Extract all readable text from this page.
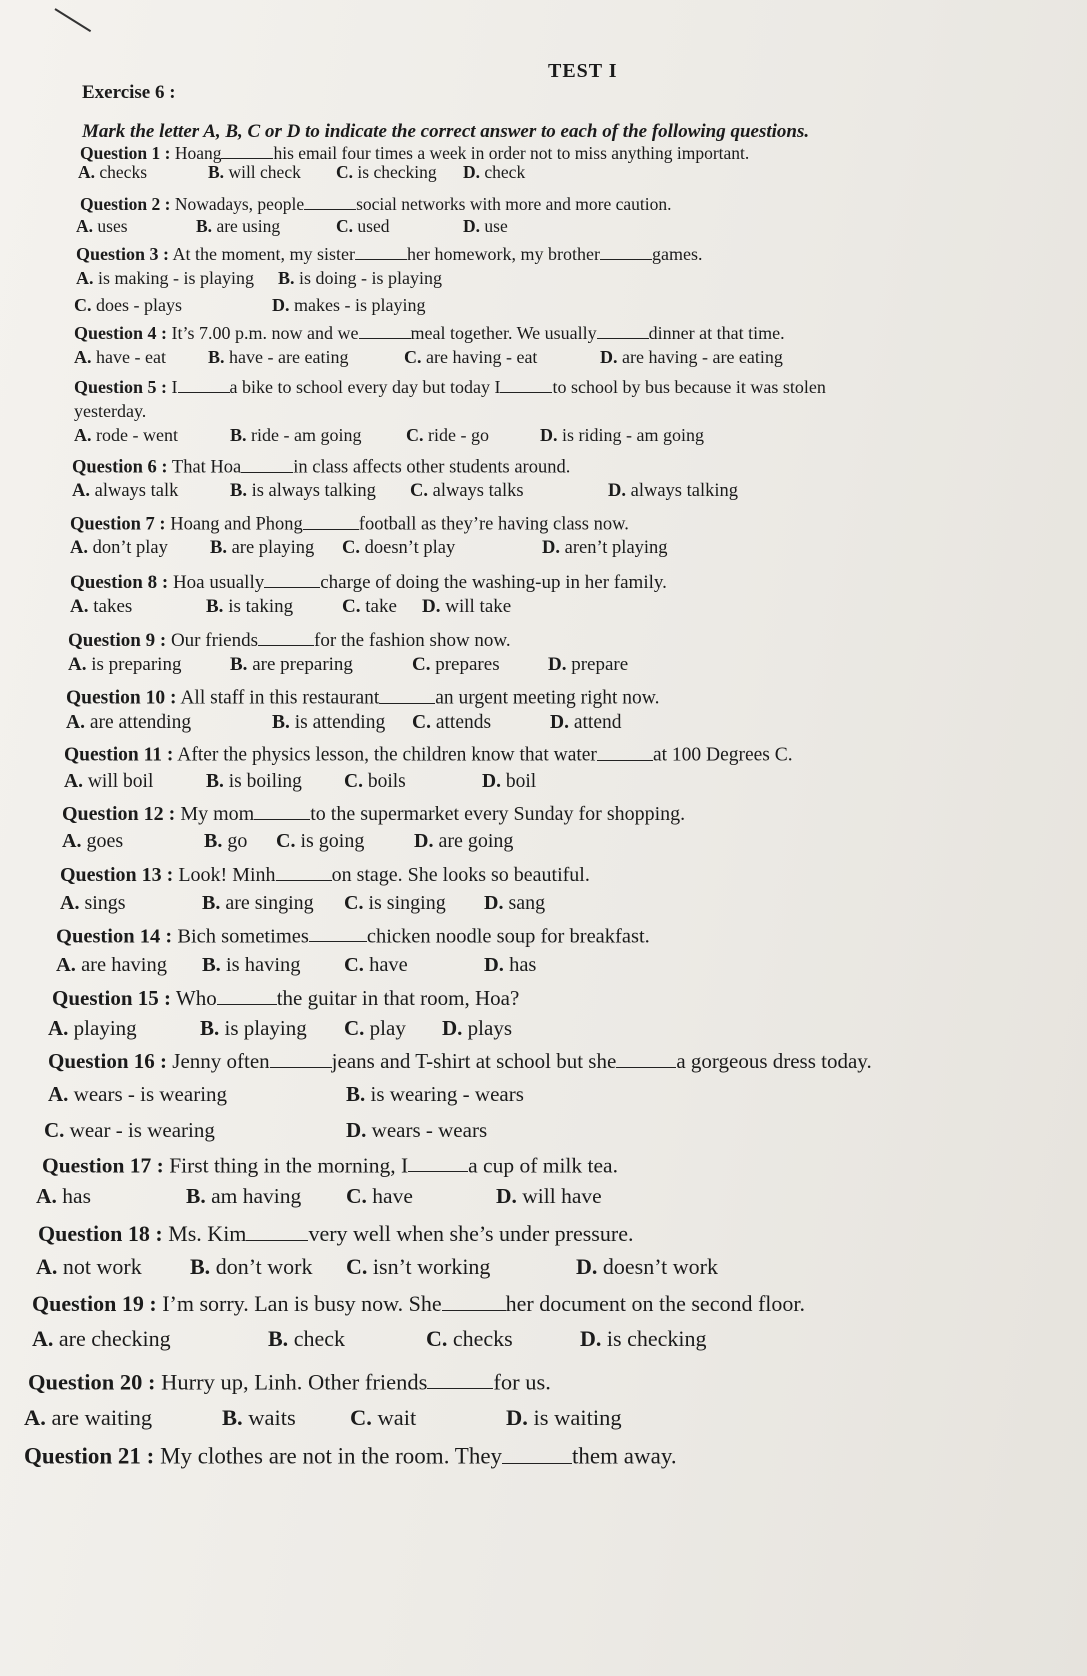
TEST I
Exercise 6 :
Mark the letter A, B, C or D to indicate the correct answer to each of the following questions.
Question 1 : Hoang	his email four times a week in order not to miss anything important.
A. checks	B. will check C. is checking D. check
Question 2 : Nowadays, people	social networks with more and more caution.
A. uses	B. are using	C. used	D. use
Question 3 : At the moment, my sister	her homework, my brother	games.
A. is making - is playing B. is doing - is playing
C. does - plays	D. makes - is playing
Question 4 : It’s 7.00 p.m. now and we	meal together. We usually	dinner at that time.
A. have - eat B. have - are eating	C. are having - eat	D. are having - are eating
Question 5 : I	a bike to school every day but today I	to school by bus because it was stolen
yesterday.
A. rode - went	B. ride - am going C. ride - go	D. is riding - am going
Question 6 : That Hoa	in class affects other students around.
A. always talk	B. is always talking C. always talks	D. always talking
Question 7 : Hoang and Phong	football as they’re having class now.
A. don’t play B. are playing C. doesn’t play	D. aren’t playing
Question 8 : Hoa usually	charge of doing the washing-up in her family.
A. takes	B. is taking	C. take D. will take
Question 9 : Our friends	for the fashion show now.
A. is preparing	B. are preparing	C. prepares	D. prepare
Question 10 : All staff in this restaurant	an urgent meeting right now.
A. are attending	B. is attending C. attends	D. attend
Question 11 : After the physics lesson, the children know that water	at 100 Degrees C.
A. will boil	B. is boiling C. boils	D. boil
Question 12 : My mom	to the supermarket every Sunday for shopping.
A. goes	B. go C. is going D. are going
Question 13 : Look! Minh	on stage. She looks so beautiful.
A. sings	B. are singing C. is singing D. sang
Question 14 : Bich sometimes	chicken noodle soup for breakfast.
A. are having B. is having C. have	D. has
Question 15 : Who	the guitar in that room, Hoa?
A. playing	B. is playing C. play D. plays
Question 16 : Jenny often	jeans and T-shirt at school but she	a gorgeous dress today.
A. wears - is wearing	B. is wearing - wears
C. wear - is wearing	D. wears - wears
Question 17 : First thing in the morning, I	a cup of milk tea.
A. has	B. am having C. have	D. will have
Question 18 : Ms. Kim	very well when she’s under pressure.
A. not work B. don’t work C. isn’t working	D. doesn’t work
Question 19 : I’m sorry. Lan is busy now. She	her document on the second floor.
A. are checking	B. check	C. checks	D. is checking
Question 20 : Hurry up, Linh. Other friends	for us.
A. are waiting	B. waits C. wait	D. is waiting
Question 21 : My clothes are not in the room. They	them away.
